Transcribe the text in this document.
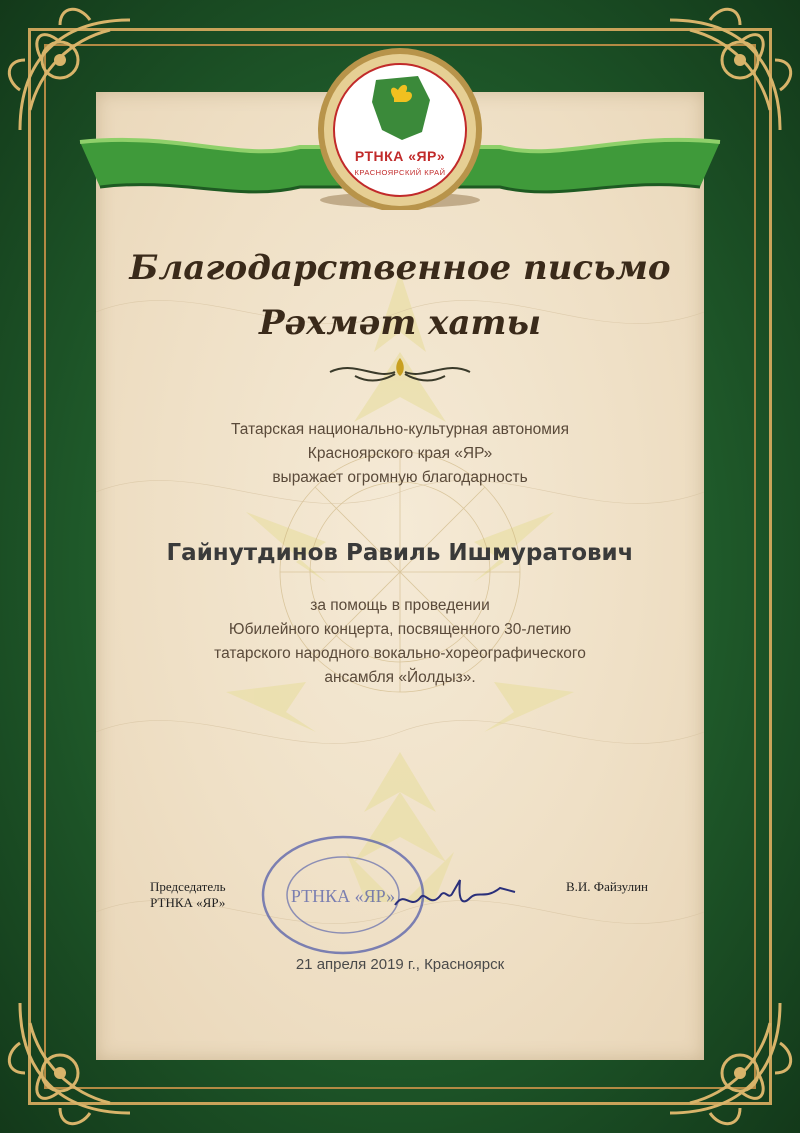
РТНКА «ЯР»
КРАСНОЯРСКИЙ КРАЙ
Благодарственное письмо
Рәхмәт хаты
Татарская национально-культурная автономия
Красноярского края «ЯР»
выражает огромную благодарность
Гайнутдинов Равиль Ишмуратович
за помощь в проведении
Юбилейного концерта, посвященного 30-летию
татарского народного вокально-хореографического
ансамбля «Йолдыз».
РТНКА «ЯР»
Председатель
РТНКА «ЯР»
В.И. Файзулин
21 апреля 2019 г., Красноярск
